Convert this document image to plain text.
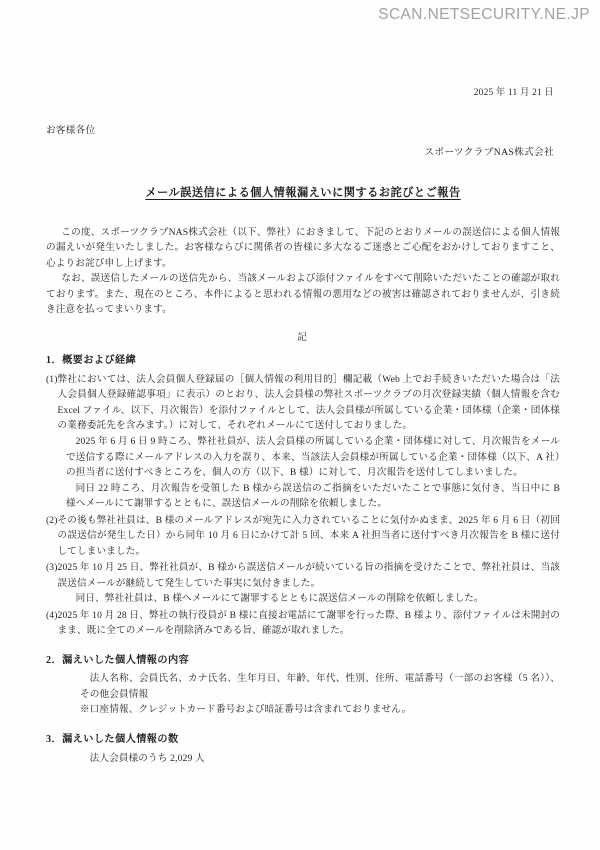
SCAN.NETSECURITY.NE.JP
2025 年 11 月 21 日
お客様各位
スポーツクラブNAS株式会社
メール誤送信による個人情報漏えいに関するお詫びとご報告

この度、スポーツクラブNAS株式会社（以下、弊社）におきまして、下記のとおりメールの誤送信による個人情報の漏えいが発生いたしました。お客様ならびに関係者の皆様に多大なるご迷惑とご心配をおかけしておりますこと、心よりお詫び申し上げます。

なお、誤送信したメールの送信先から、当該メールおよび添付ファイルをすべて削除いただいたことの確認が取れております。また、現在のところ、本件によると思われる情報の悪用などの被害は確認されておりませんが、引き続き注意を払ってまいります。

記
1．概要および経緯
(1) 弊社においては、法人会員個人登録届の［個人情報の利用目的］欄記載（Web 上でお手続きいただいた場合は「法人会員個人登録確認事項」に表示）のとおり、法人会員様の弊社スポーツクラブの月次登録実績（個人情報を含む Excel ファイル、以下、月次報告）を添付ファイルとして、法人会員様が所属している企業・団体様（企業・団体様の業務委託先を含みます。）に対して、それぞれメールにて送付しておりました。
2025 年 6 月 6 日 9 時ころ、弊社社員が、法人会員様の所属している企業・団体様に対して、月次報告をメールで送信する際にメールアドレスの入力を誤り、本来、当該法人会員様が所属している企業・団体様（以下、A 社）の担当者に送付すべきところを、個人の方（以下、B 様）に対して、月次報告を送付してしまいました。
同日 22 時ころ、月次報告を受領した B 様から誤送信のご指摘をいただいたことで事態に気付き、当日中に B 様へメールにて謝罪するとともに、誤送信メールの削除を依頼しました。
(2) その後も弊社社員は、B 様のメールアドレスが宛先に入力されていることに気付かぬまま、2025 年 6 月 6 日（初回の誤送信が発生した日）から同年 10 月 6 日にかけて計 5 回、本来 A 社担当者に送付すべき月次報告を B 様に送付してしまいました。
(3) 2025 年 10 月 25 日、弊社社員が、B 様から誤送信メールが続いている旨の指摘を受けたことで、弊社社員は、当該誤送信メールが継続して発生していた事実に気付きました。
同日、弊社社員は、B 様へメールにて謝罪するとともに誤送信メールの削除を依頼しました。
(4) 2025 年 10 月 28 日、弊社の執行役員が B 様に直接お電話にて謝罪を行った際、B 様より、添付ファイルは未開封のまま、既に全てのメールを削除済みである旨、確認が取れました。
2．漏えいした個人情報の内容
法人名称、会員氏名、カナ氏名、生年月日、年齢、年代、性別、住所、電話番号（一部のお客様（5 名））、その他会員情報
※口座情報、クレジットカード番号および暗証番号は含まれておりません。
3．漏えいした個人情報の数
法人会員様のうち 2,029 人
